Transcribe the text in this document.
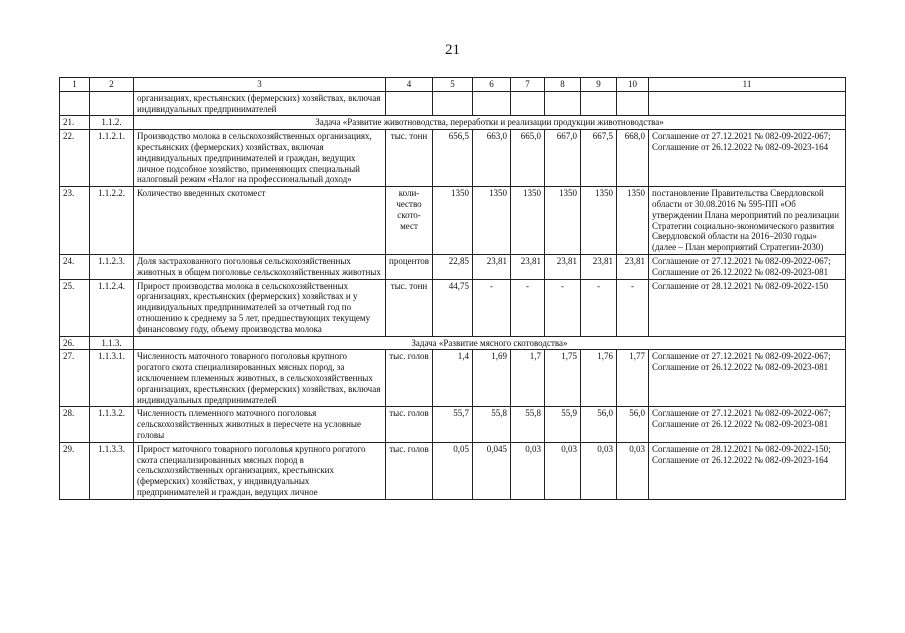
21
1	2	3	4	5	6	7	8	9	10	11
		организациях, крестьянских (фермерских) хозяйствах, включая индивидуальных предпринимателей								
21.	1.1.2.	Задача «Развитие животноводства, переработки и реализации продукции животноводства»								
22.	1.1.2.1.	Производство молока в сельскохозяйственных организациях, крестьянских (фермерских) хозяйствах, включая индивидуальных предпринимателей и граждан, ведущих личное подсобное хозяйство, применяющих специальный налоговый режим «Налог на профессиональный доход»	тыс. тонн	656,5	663,0	665,0	667,0	667,5	668,0	Соглашение от 27.12.2021 № 082-09-2022-067; Соглашение от 26.12.2022 № 082-09-2023-164
23.	1.1.2.2.	Количество введенных скотомест	коли-чество ското-мест	1350	1350	1350	1350	1350	1350	постановление Правительства Свердловской области от 30.08.2016 № 595-ПП «Об утверждении Плана мероприятий по реализации Стратегии социально-экономического развития Свердловской области на 2016–2030 годы» (далее – План мероприятий Стратегии-2030)
24.	1.1.2.3.	Доля застрахованного поголовья сельскохозяйственных животных в общем поголовье сельскохозяйственных животных	процентов	22,85	23,81	23,81	23,81	23,81	23,81	Соглашение от 27.12.2021 № 082-09-2022-067; Соглашение от 26.12.2022 № 082-09-2023-081
25.	1.1.2.4.	Прирост производства молока в сельскохозяйственных организациях, крестьянских (фермерских) хозяйствах и у индивидуальных предпринимателей за отчетный год по отношению к среднему за 5 лет, предшествующих текущему финансовому году, объему производства молока	тыс. тонн	44,75	-	-	-	-	-	Соглашение от 28.12.2021 № 082-09-2022-150
26.	1.1.3.	Задача «Развитие мясного скотоводства»								
27.	1.1.3.1.	Численность маточного товарного поголовья крупного рогатого скота специализированных мясных пород, за исключением племенных животных, в сельскохозяйственных организациях, крестьянских (фермерских) хозяйствах, включая индивидуальных предпринимателей	тыс. голов	1,4	1,69	1,7	1,75	1,76	1,77	Соглашение от 27.12.2021 № 082-09-2022-067; Соглашение от 26.12.2022 № 082-09-2023-081
28.	1.1.3.2.	Численность племенного маточного поголовья сельскохозяйственных животных в пересчете на условные головы	тыс. голов	55,7	55,8	55,8	55,9	56,0	56,0	Соглашение от 27.12.2021 № 082-09-2022-067; Соглашение от 26.12.2022 № 082-09-2023-081
29.	1.1.3.3.	Прирост маточного товарного поголовья крупного рогатого скота специализированных мясных пород в сельскохозяйственных организациях, крестьянских (фермерских) хозяйствах, у индивидуальных предпринимателей и граждан, ведущих личное	тыс. голов	0,05	0,045	0,03	0,03	0,03	0,03	Соглашение от 28.12.2021 № 082-09-2022-150; Соглашение от 26.12.2022 № 082-09-2023-164
